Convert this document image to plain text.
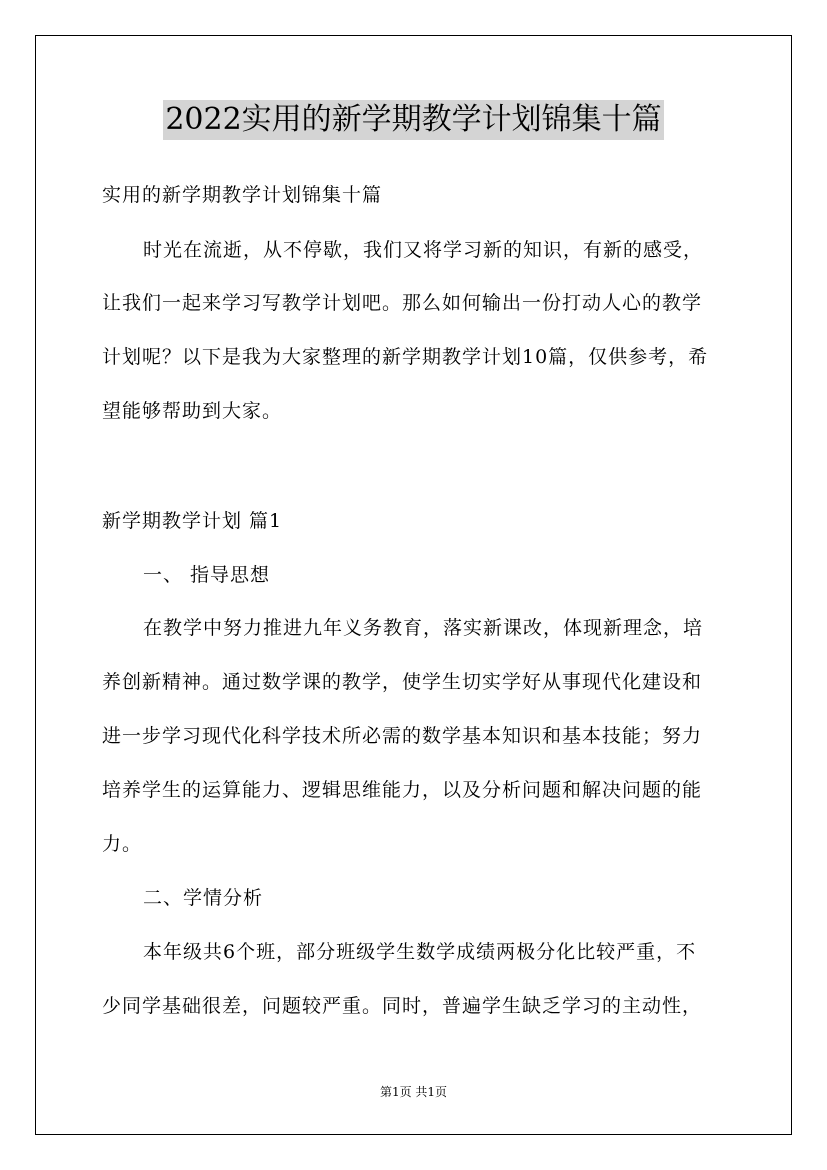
2022实用的新学期教学计划锦集十篇
实用的新学期教学计划锦集十篇
时光在流逝，从不停歇，我们又将学习新的知识，有新的感受，
让我们一起来学习写教学计划吧。那么如何输出一份打动人心的教学
计划呢？以下是我为大家整理的新学期教学计划10篇，仅供参考，希
望能够帮助到大家。
新学期教学计划 篇1
一、 指导思想
在教学中努力推进九年义务教育，落实新课改，体现新理念，培
养创新精神。通过数学课的教学，使学生切实学好从事现代化建设和
进一步学习现代化科学技术所必需的数学基本知识和基本技能；努力
培养学生的运算能力、逻辑思维能力，以及分析问题和解决问题的能
力。
二、学情分析
本年级共6个班，部分班级学生数学成绩两极分化比较严重，不
少同学基础很差，问题较严重。同时，普遍学生缺乏学习的主动性，
第1页 共1页
